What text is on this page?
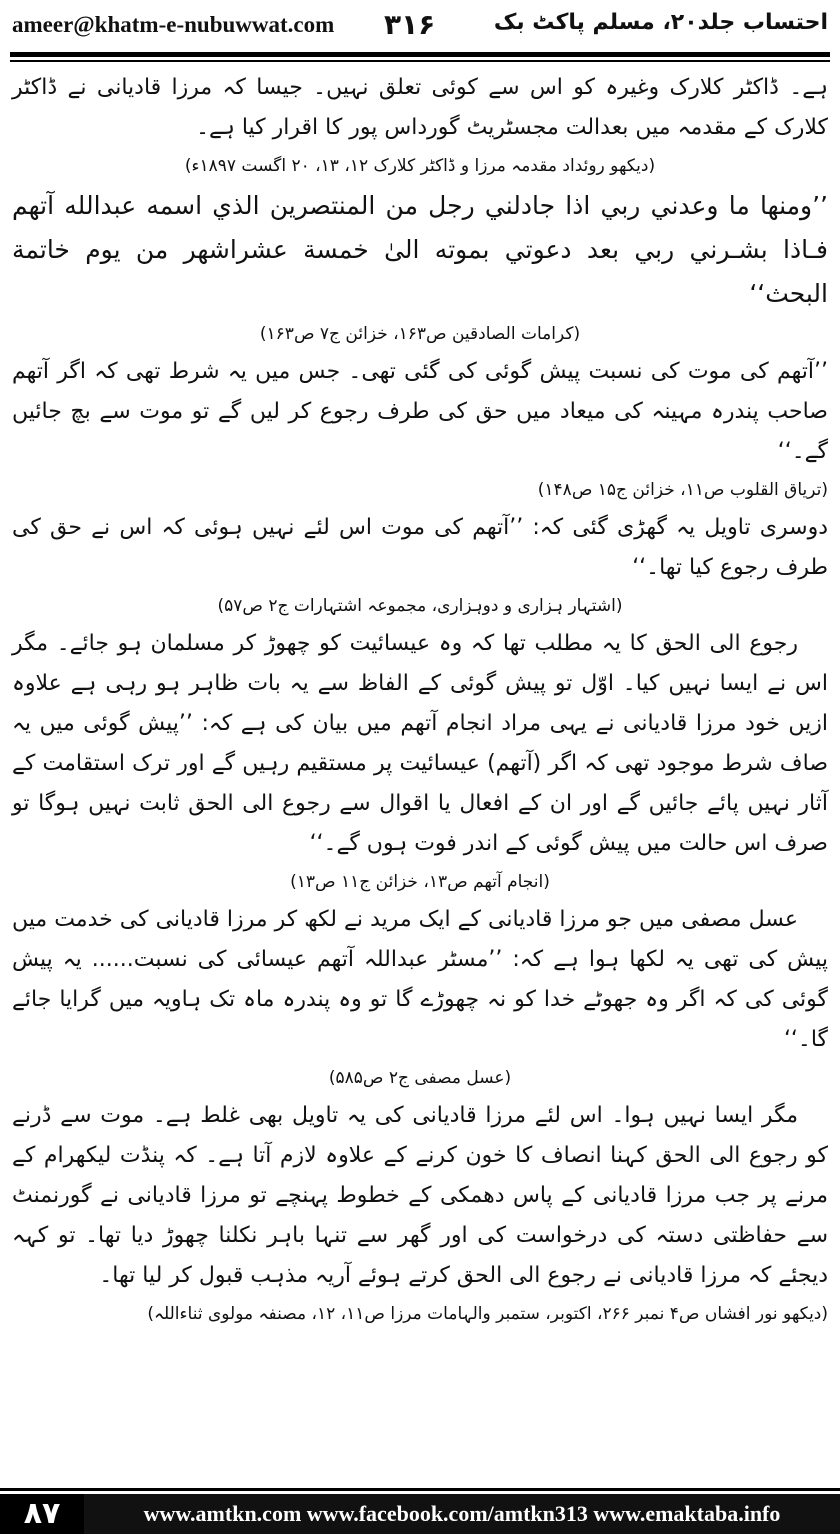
ameer@khatm-e-nubuwwat.com ۳۱۶	احتساب جلد۲۰، مسلم پاکٹ بک

ہے۔ ڈاکٹر کلارک وغیرہ کو اس سے کوئی تعلق نہیں۔ جیسا کہ مرزا قادیانی نے ڈاکٹر کلارک کے مقدمہ میں بعدالت مجسٹریٹ گورداس پور کا اقرار کیا ہے۔

(دیکھو روئداد مقدمہ مرزا و ڈاکٹر کلارک ۱۲، ۱۳، ۲۰ اگست ۱۸۹۷ء)

’’ومنها ما وعدني ربي اذا جادلني رجل من المنتصرين الذي اسمه عبدالله آتهم فـاذا بشـرني ربي بعد دعوتي بموته الیٰ خمسة عشراشهر من يوم خاتمة البحث‘‘

(کرامات الصادقین ص۱۶۳، خزائن ج۷ ص۱۶۳)

’’آتھم کی موت کی نسبت پیش گوئی کی گئی تھی۔ جس میں یہ شرط تھی کہ اگر آتھم صاحب پندرہ مہینہ کی میعاد میں حق کی طرف رجوع کر لیں گے تو موت سے بچ جائیں گے۔‘‘

(تریاق القلوب ص۱۱، خزائن ج۱۵ ص۱۴۸)

دوسری تاویل یہ گھڑی گئی کہ: ’’آتھم کی موت اس لئے نہیں ہوئی کہ اس نے حق کی طرف رجوع کیا تھا۔‘‘

(اشتہار ہزاری و دوہزاری، مجموعہ اشتہارات ج۲ ص۵۷)

رجوع الی الحق کا یہ مطلب تھا کہ وہ عیسائیت کو چھوڑ کر مسلمان ہو جائے۔ مگر اس نے ایسا نہیں کیا۔ اوّل تو پیش گوئی کے الفاظ سے یہ بات ظاہر ہو رہی ہے علاوہ ازیں خود مرزا قادیانی نے یہی مراد انجام آتھم میں بیان کی ہے کہ: ’’پیش گوئی میں یہ صاف شرط موجود تھی کہ اگر (آتھم) عیسائیت پر مستقیم رہیں گے اور ترک استقامت کے آثار نہیں پائے جائیں گے اور ان کے افعال یا اقوال سے رجوع الی الحق ثابت نہیں ہوگا تو صرف اس حالت میں پیش گوئی کے اندر فوت ہوں گے۔‘‘

(انجام آتھم ص۱۳، خزائن ج۱۱ ص۱۳)

عسل مصفی میں جو مرزا قادیانی کے ایک مرید نے لکھ کر مرزا قادیانی کی خدمت میں پیش کی تھی یہ لکھا ہوا ہے کہ: ’’مسٹر عبداللہ آتھم عیسائی کی نسبت...... یہ پیش گوئی کی کہ اگر وہ جھوٹے خدا کو نہ چھوڑے گا تو وہ پندرہ ماہ تک ہاویہ میں گرایا جائے گا۔‘‘

(عسل مصفی ج۲ ص۵۸۵)

مگر ایسا نہیں ہوا۔ اس لئے مرزا قادیانی کی یہ تاویل بھی غلط ہے۔ موت سے ڈرنے کو رجوع الی الحق کہنا انصاف کا خون کرنے کے علاوہ لازم آتا ہے۔ کہ پنڈت لیکھرام کے مرنے پر جب مرزا قادیانی کے پاس دھمکی کے خطوط پہنچے تو مرزا قادیانی نے گورنمنٹ سے حفاظتی دستہ کی درخواست کی اور گھر سے تنہا باہر نکلنا چھوڑ دیا تھا۔ تو کہہ دیجئے کہ مرزا قادیانی نے رجوع الی الحق کرتے ہوئے آریہ مذہب قبول کر لیا تھا۔

(دیکھو نور افشاں ص۴ نمبر ۲۶۶، اکتوبر، ستمبر والہامات مرزا ص۱۱، ۱۲، مصنفہ مولوی ثناءاللہ)

۸۷	www.amtkn.com www.facebook.com/amtkn313 www.emaktaba.info
